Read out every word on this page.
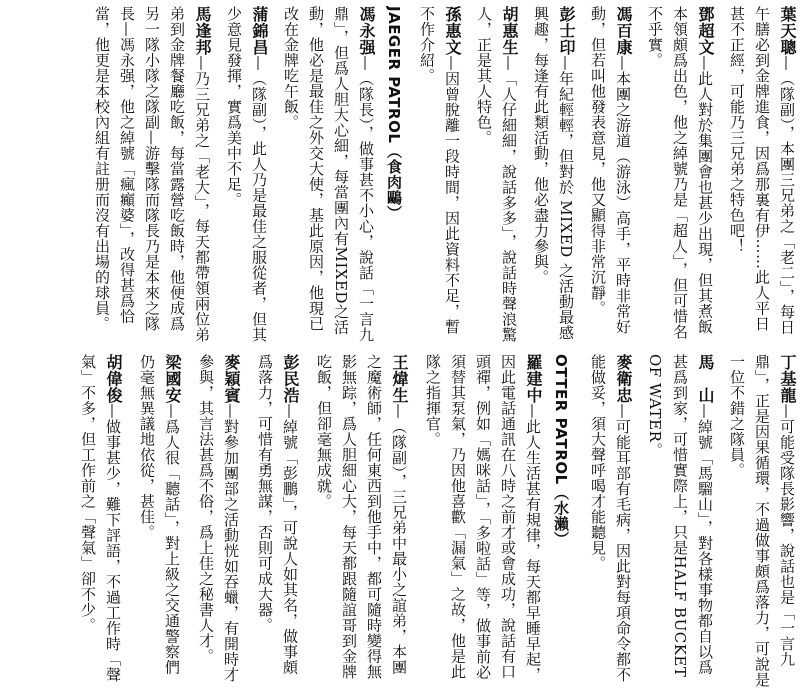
葉天聰—（隊副），本團三兄弟之「老二」，每日午膳必到金牌進食，因爲那裏有伊……此人平日甚不正經，可能乃三兄弟之特色吧！

鄧超文—此人對於集團會也甚少出現，但其煮飯本領頗爲出色，他之綽號乃是「超人」，但可惜名不乎實。

馮百康—本團之游道（游泳）高手，平時非常好動，但若叫他發表意見，他又顯得非常沉靜。

彭士印—年紀輕輕，但對於 MIXED 之活動最感興趣，每逢有此類活動，他必盡力參與。

胡惠生—「人仔細細，說話多多」，說話時聲浪驚人，正是其人特色。

孫惠文—因曾脫離一段時間，因此資料不足，暫不作介紹。

JAEGER PATROL（食肉鷗）

馮永强—（隊長），做事甚不小心，說話「一言九鼎」，但爲人胆大心細，每當團內有MIXED之活動，他必是最佳之外交大使，基此原因，他現已改在金牌吃午飯。

蒲錦昌—（隊副），此人乃是最佳之服從者，但其少意見發揮，實爲美中不足。

馬逢邦—乃三兄弟之「老大」，每天都帶領兩位弟弟到金牌餐廳吃飯，每當露營吃飯時，他便成爲另一隊小隊之隊副—游擊隊而隊長乃是本來之隊長—馮永强，他之綽號「瘋癲婆」，改得甚爲恰當，他更是本校內組有註册而沒有出場的球員。

丁基龍—可能受隊長影響，說話也是「一言九鼎」，正是因果循環，不過做事頗爲落力，可說是一位不錯之隊員。

馬　山—綽號「馬騮山」，對各樣事物都自以爲甚爲到家，可惜實際上，只是HALF BUCKET OF WATER。

麥衛忠—可能耳部有毛病，因此對每項命令都不能做妥，須大聲呼喝才能聽見。

OTTER PATROL（水瀨）

羅建中—此人生活甚有規律，每天都早睡早起，因此電話通訊在八時之前才或會成功，說話有口頭禪，例如「媽咪話」，「多啦話」等，做事前必須替其泵氣，乃因他喜歡「漏氣」之故，他是此隊之指揮官。

王煒生—（隊副），三兄弟中最小之誼弟，本團之魔術師，任何東西到他手中，都可隨時變得無影無踪，爲人胆細心大，每天都跟隨誼哥到金牌吃飯，但卻毫無成就。

彭民浩—綽號「彭鵬」，可說人如其名，做事頗爲落力，可惜有勇無謀，否則可成大器。

麥穎賓—對參加團部之活動恍如吞蠟，有開時才參與，其言法甚爲不俗，爲上佳之秘書人才。

梁國安—爲人很「聽話」，對上級之交通警察們仍毫無異議地依從，甚佳。

胡偉俊—做事甚少，難下評語，不過工作時「聲氣」不多，但工作前之「聲氣」卻不少。
